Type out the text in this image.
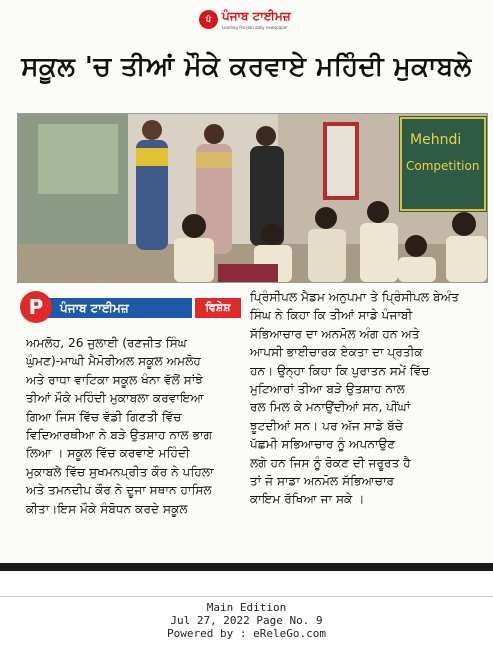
ਪੰ ਪੰਜਾਬ ਟਾਈਮਜ਼
Leading Punjabi daily newspaper
ਸਕੂਲ 'ਚ ਤੀਆਂ ਮੌਕੇ ਕਰਵਾਏ ਮਹਿੰਦੀ ਮੁਕਾਬਲੇ
Mehndi
Competition
ਪੰਜਾਬ ਟਾਈਮਜ਼
P	ਵਿਸ਼ੇਸ਼
ਅਮਲੋਹ, 26 ਜੁਲਾਈ (ਰਣਜੀਤ ਸਿੰਘ
ਘੁੰਮਣ)-ਮਾਘੀ ਮੈਮੋਰੀਅਲ ਸਕੂਲ ਅਮਲੋਹ
ਅਤੇ ਰਾਧਾ ਵਾਟਿਕਾ ਸਕੂਲ ਖੰਨਾ ਵੱਲੋਂ ਸਾਂਝੇ
ਤੀਆਂ ਮੌਕੇ ਮਹਿੰਦੀ ਮੁਕਾਬਲਾ ਕਰਵਾਇਆ
ਗਿਆ ਜਿਸ ਵਿੱਚ ਵੱਡੀ ਗਿਣਤੀ ਵਿੱਚ
ਵਿਦਿਆਰਥੀਆ ਨੇ ਬੜੇ ਉਤਸ਼ਾਹ ਨਾਲ ਭਾਗ
ਲਿਆ । ਸਕੂਲ ਵਿੱਚ ਕਰਵਾਏ ਮਹਿੰਦੀ
ਮੁਕਾਬਲੇ ਵਿੱਚ ਸੁਖਮਨਪ੍ਰੀਤ ਕੌਰ ਨੇ ਪਹਿਲਾ
ਅਤੇ ਤਮਨਦੀਪ ਕੌਰ ਨੇ ਦੂਜਾ ਸਥਾਨ ਹਾਸਿਲ
ਕੀਤਾ।ਇਸ ਮੌਕੇ ਸੰਬੋਧਨ ਕਰਦੇ ਸਕੂਲ
ਪ੍ਰਿੰਸੀਪਲ ਮੈਡਮ ਅਨੁਪਮਾ ਤੇ ਪ੍ਰਿੰਸੀਪਲ ਬੇਅੰਤ
ਸਿੰਘ ਨੇ ਕਿਹਾ ਕਿ ਤੀਆਂ ਸਾਡੇ ਪੰਜਾਬੀ
ਸੱਭਿਆਚਾਰ ਦਾ ਅਨਮੋਲ ਅੰਗ ਹਨ ਅਤੇ
ਆਪਸੀ ਭਾਈਚਾਰਕ ਏਕਤਾ ਦਾ ਪ੍ਰਤੀਕ
ਹਨ। ਉਨ੍ਹਾ ਕਿਹਾ ਕਿ ਪੁਰਾਤਨ ਸਮੇਂ ਵਿੱਚ
ਮੁਟਿਆਰਾਂ ਤੀਆ ਬੜੇ ਉਤਸ਼ਾਹ ਨਾਲ
ਰਲ ਮਿਲ ਕੇ ਮਨਾਉਂਦੀਆਂ ਸਨ, ਪੀਂਘਾਂ
ਝੂਟਦੀਆਂ ਸਨ। ਪਰ ਅੱਜ ਸਾਡੇ ਬੱਚੇ
ਪੱਛਮੀ ਸਭਿਆਚਾਰ ਨੂੰ ਅਪਨਾਉਣ
ਲਗੇ ਹਨ ਜਿਸ ਨੂੰ ਰੋਕਣ ਦੀ ਜਰੂਰਤ ਹੈ
ਤਾਂ ਜੋ ਸਾਡਾ ਅਨਮੋਲ ਸੱਭਿਆਚਾਰ
ਕਾਇਮ ਰੱਖਿਆ ਜਾ ਸਕੇ ।
Main Edition
Jul 27, 2022 Page No. 9
Powered by : eReleGo.com
